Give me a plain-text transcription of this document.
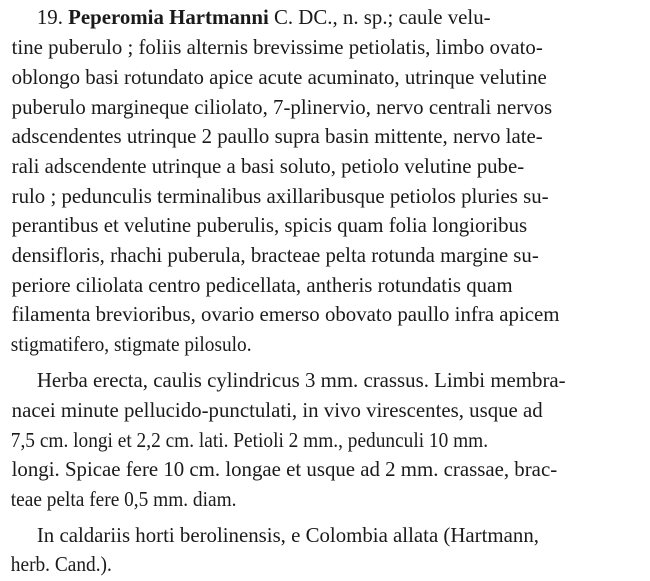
19. Peperomia Hartmanni C. DC., n. sp.; caule velu-
tine puberulo ; foliis alternis brevissime petiolatis, limbo ovato-
oblongo basi rotundato apice acute acuminato, utrinque velutine
puberulo margineque ciliolato, 7-plinervio, nervo centrali nervos
adscendentes utrinque 2 paullo supra basin mittente, nervo late-
rali adscendente utrinque a basi soluto, petiolo velutine pube-
rulo ; pedunculis terminalibus axillaribusque petiolos pluries su-
perantibus et velutine puberulis, spicis quam folia longioribus
densifloris, rhachi puberula, bracteae pelta rotunda margine su-
periore ciliolata centro pedicellata, antheris rotundatis quam
filamenta brevioribus, ovario emerso obovato paullo infra apicem
stigmatifero, stigmate pilosulo.
Herba erecta, caulis cylindricus 3 mm. crassus. Limbi membra-
nacei minute pellucido-punctulati, in vivo virescentes, usque ad
7,5 cm. longi et 2,2 cm. lati. Petioli 2 mm., pedunculi 10 mm.
longi. Spicae fere 10 cm. longae et usque ad 2 mm. crassae, brac-
teae pelta fere 0,5 mm. diam.
In caldariis horti berolinensis, e Colombia allata (Hartmann,
herb. Cand.).
